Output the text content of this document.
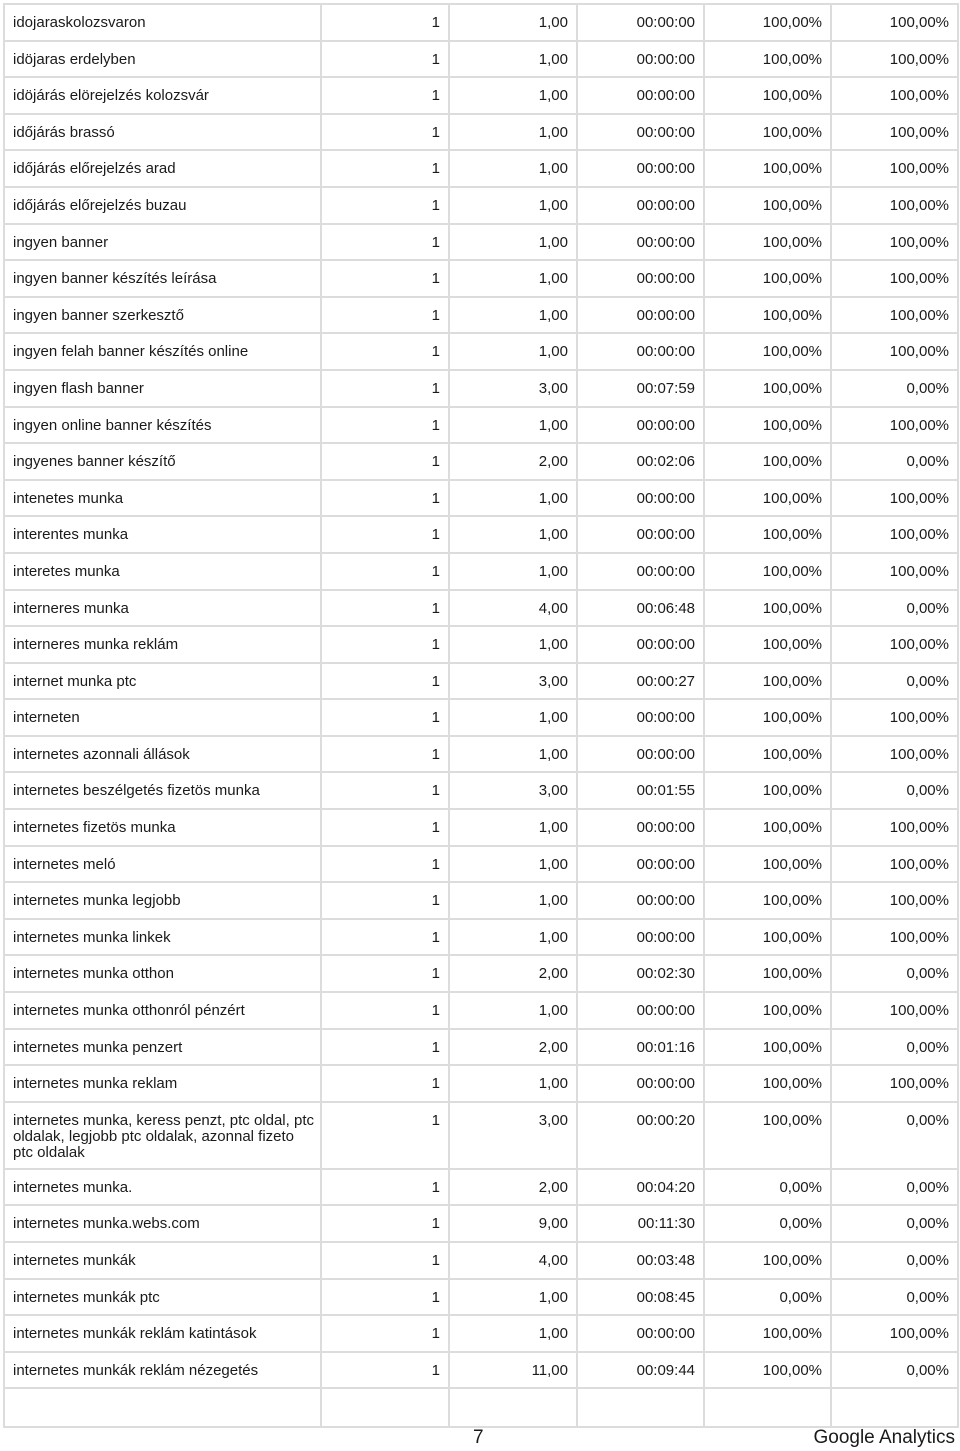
idojaraskolozsvaron	1	1,00	00:00:00	100,00%	100,00%
idöjaras erdelyben	1	1,00	00:00:00	100,00%	100,00%
idöjárás elörejelzés kolozsvár	1	1,00	00:00:00	100,00%	100,00%
időjárás brassó	1	1,00	00:00:00	100,00%	100,00%
időjárás előrejelzés arad	1	1,00	00:00:00	100,00%	100,00%
időjárás előrejelzés buzau	1	1,00	00:00:00	100,00%	100,00%
ingyen banner	1	1,00	00:00:00	100,00%	100,00%
ingyen banner készítés leírása	1	1,00	00:00:00	100,00%	100,00%
ingyen banner szerkesztő	1	1,00	00:00:00	100,00%	100,00%
ingyen felah banner készítés online	1	1,00	00:00:00	100,00%	100,00%
ingyen flash banner	1	3,00	00:07:59	100,00%	0,00%
ingyen online banner készítés	1	1,00	00:00:00	100,00%	100,00%
ingyenes banner készítő	1	2,00	00:02:06	100,00%	0,00%
intenetes munka	1	1,00	00:00:00	100,00%	100,00%
interentes munka	1	1,00	00:00:00	100,00%	100,00%
interetes munka	1	1,00	00:00:00	100,00%	100,00%
interneres munka	1	4,00	00:06:48	100,00%	0,00%
interneres munka reklám	1	1,00	00:00:00	100,00%	100,00%
internet munka ptc	1	3,00	00:00:27	100,00%	0,00%
interneten	1	1,00	00:00:00	100,00%	100,00%
internetes azonnali állások	1	1,00	00:00:00	100,00%	100,00%
internetes beszélgetés fizetös munka	1	3,00	00:01:55	100,00%	0,00%
internetes fizetös munka	1	1,00	00:00:00	100,00%	100,00%
internetes meló	1	1,00	00:00:00	100,00%	100,00%
internetes munka legjobb	1	1,00	00:00:00	100,00%	100,00%
internetes munka linkek	1	1,00	00:00:00	100,00%	100,00%
internetes munka otthon	1	2,00	00:02:30	100,00%	0,00%
internetes munka otthonról pénzért	1	1,00	00:00:00	100,00%	100,00%
internetes munka penzert	1	2,00	00:01:16	100,00%	0,00%
internetes munka reklam	1	1,00	00:00:00	100,00%	100,00%
internetes munka, keress penzt, ptc oldal, ptc oldalak, legjobb ptc oldalak, azonnal fizeto ptc oldalak	1	3,00	00:00:20	100,00%	0,00%
internetes munka.	1	2,00	00:04:20	0,00%	0,00%
internetes munka.webs.com	1	9,00	00:11:30	0,00%	0,00%
internetes munkák	1	4,00	00:03:48	100,00%	0,00%
internetes munkák ptc	1	1,00	00:08:45	0,00%	0,00%
internetes munkák reklám katintások	1	1,00	00:00:00	100,00%	100,00%
internetes munkák reklám nézegetés	1	11,00	00:09:44	100,00%	0,00%

7	Google Analytics
